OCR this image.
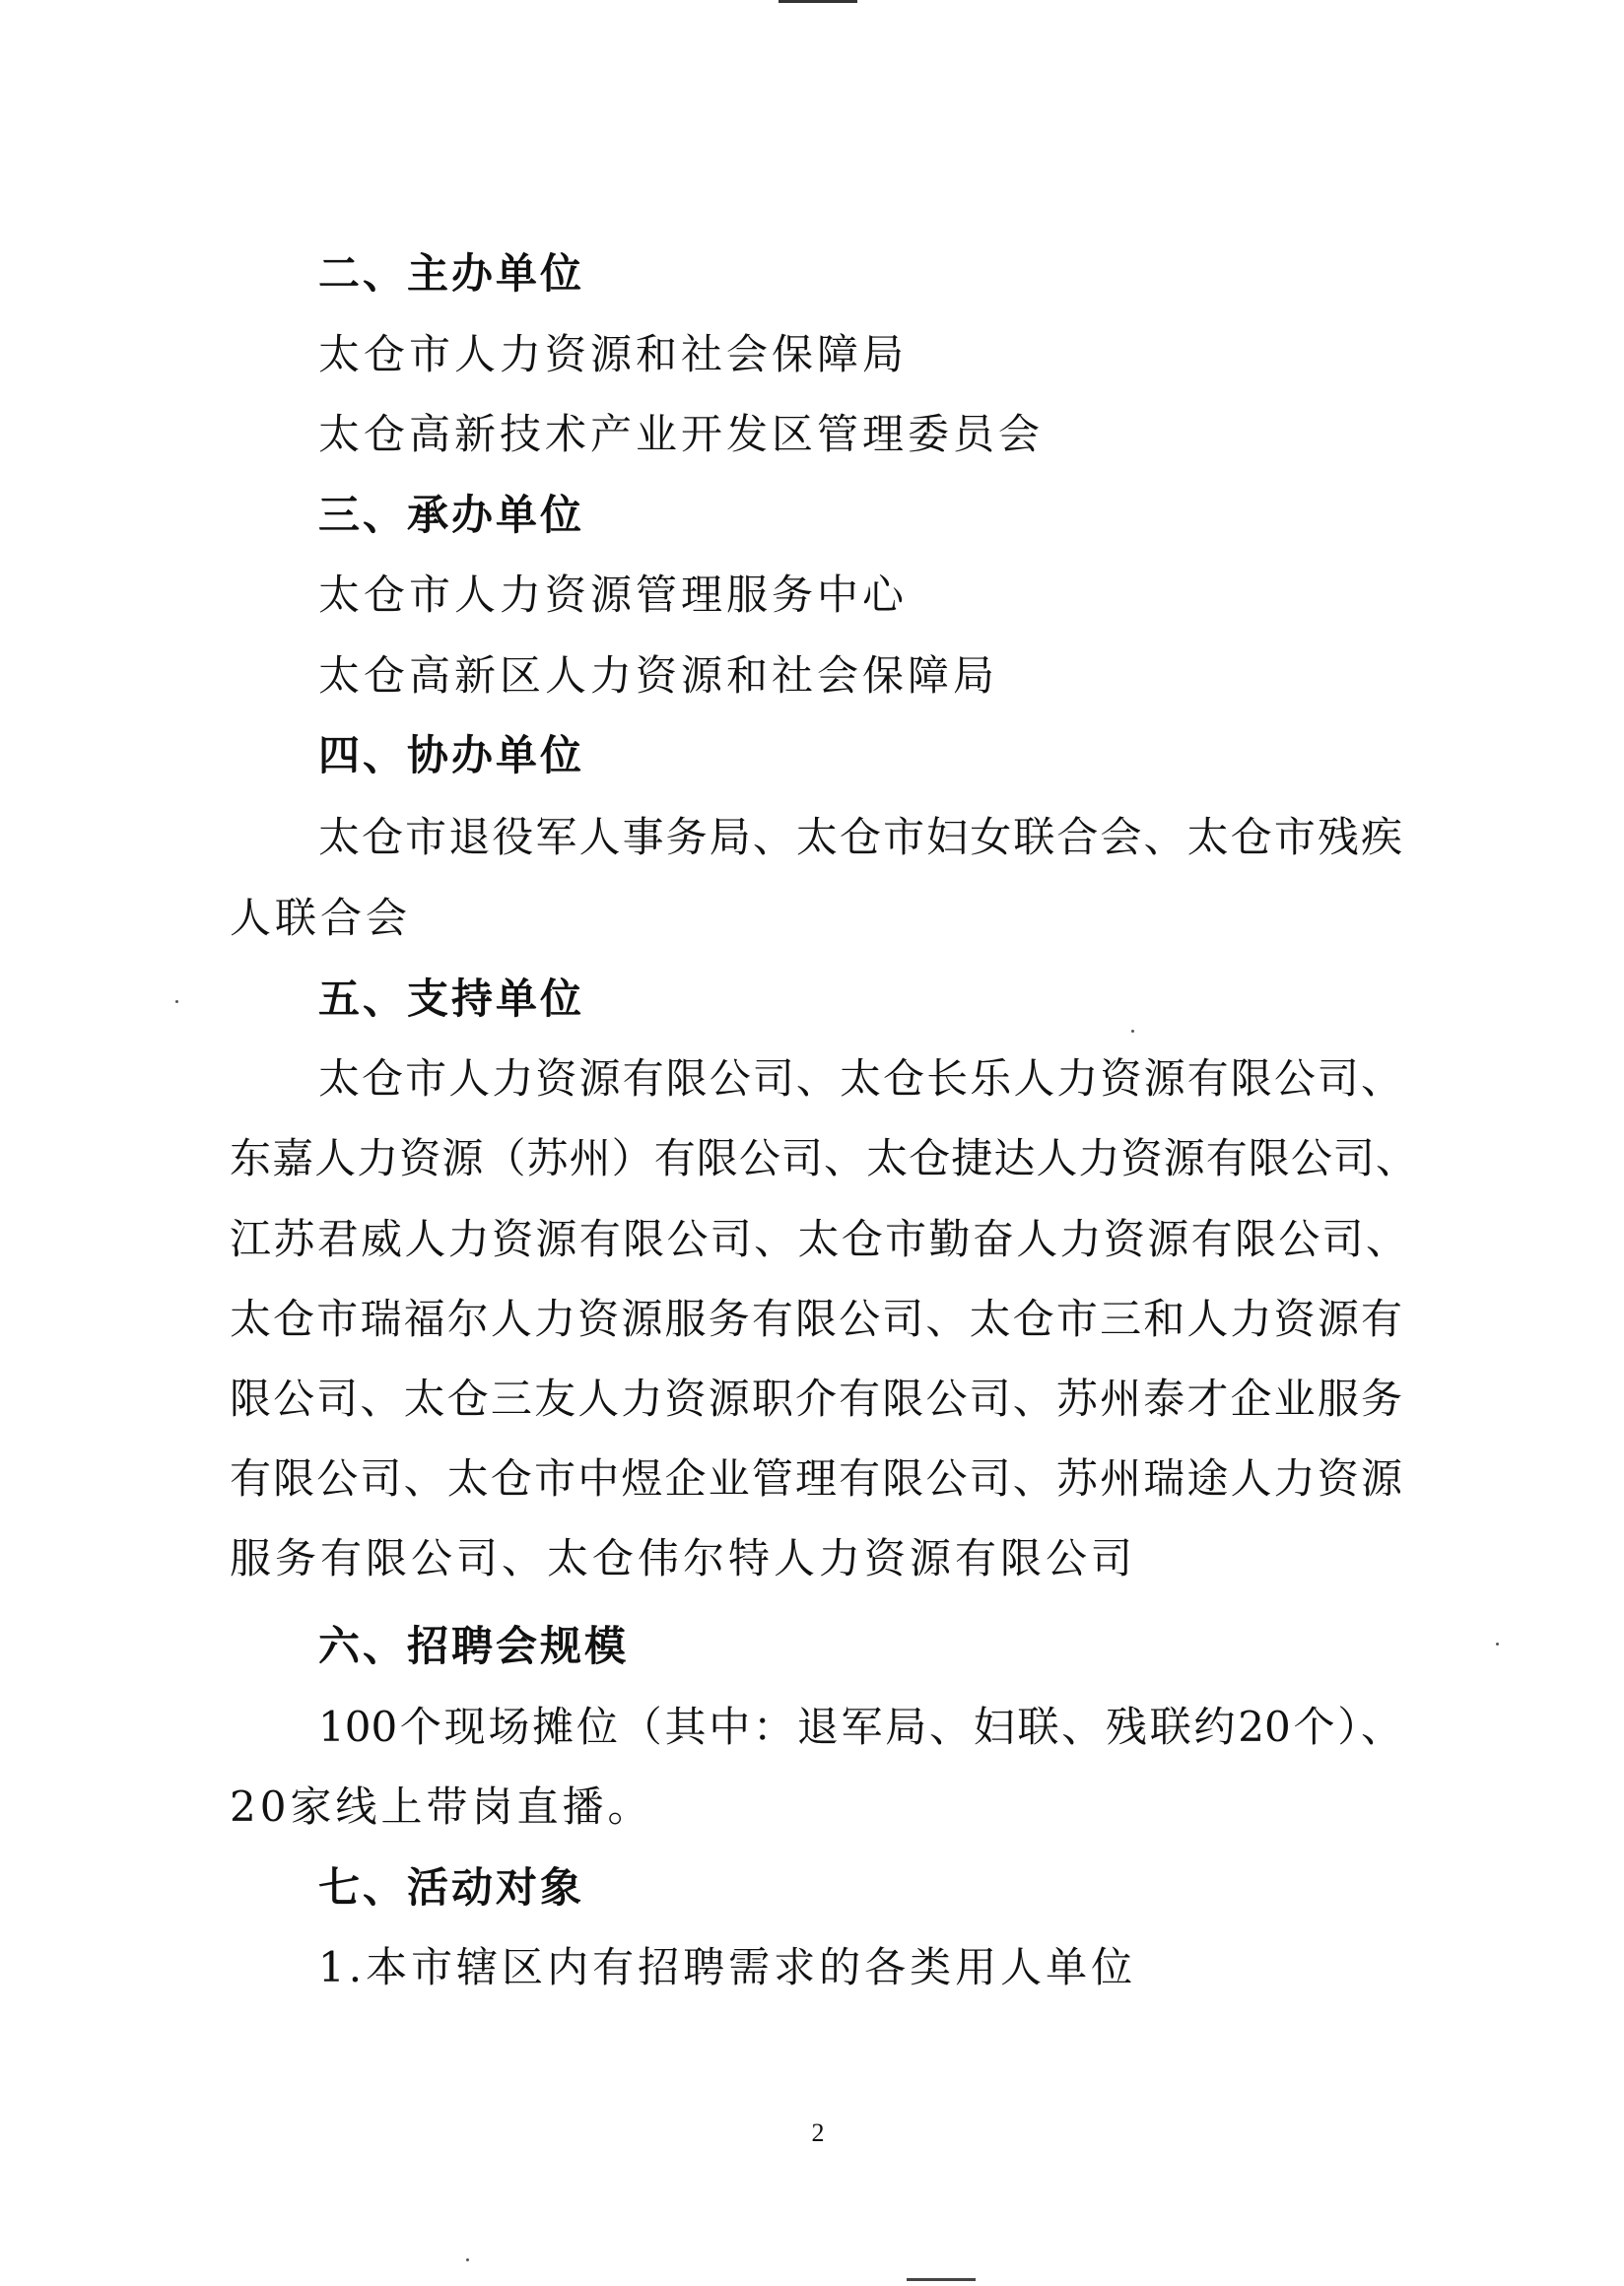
二、主办单位
太仓市人力资源和社会保障局
太仓高新技术产业开发区管理委员会
三、承办单位
太仓市人力资源管理服务中心
太仓高新区人力资源和社会保障局
四、协办单位
太仓市退役军人事务局、太仓市妇女联合会、太仓市残疾
人联合会
五、支持单位
太仓市人力资源有限公司、太仓长乐人力资源有限公司、
东嘉人力资源（苏州）有限公司、太仓捷达人力资源有限公司、
江苏君威人力资源有限公司、太仓市勤奋人力资源有限公司、
太仓市瑞福尔人力资源服务有限公司、太仓市三和人力资源有
限公司、太仓三友人力资源职介有限公司、苏州泰才企业服务
有限公司、太仓市中煜企业管理有限公司、苏州瑞途人力资源
服务有限公司、太仓伟尔特人力资源有限公司
六、招聘会规模
100个现场摊位（其中：退军局、妇联、残联约20个）、
20家线上带岗直播。
七、活动对象
1.本市辖区内有招聘需求的各类用人单位
2
